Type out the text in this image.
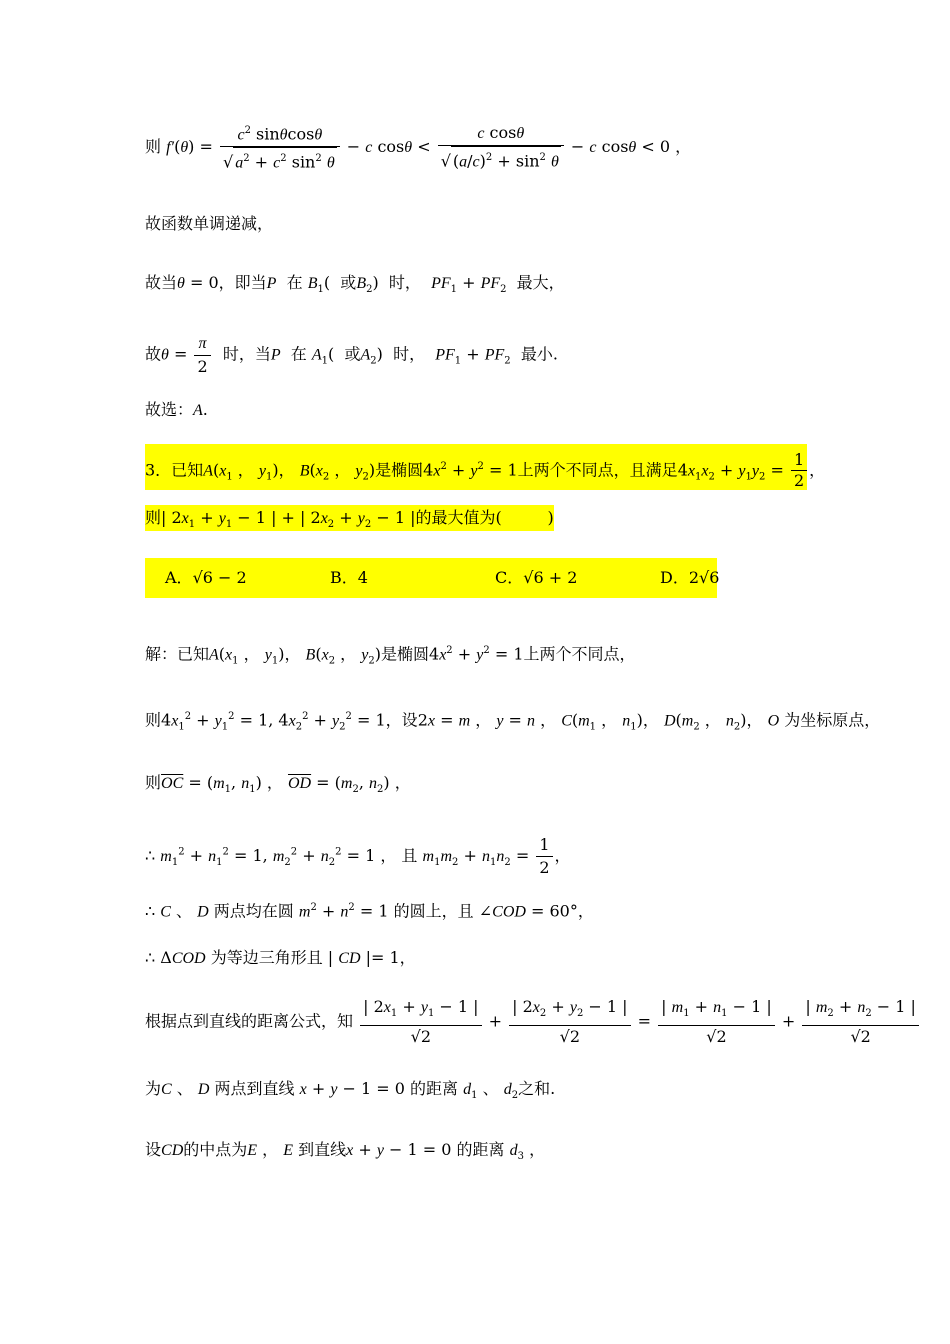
则 $f'(\theta) = \frac{c^2 \sin\theta\cos\theta}{√ a^2 + c^2 \sin^2 \theta} - c$ $\cos\theta < \frac{\text{c cosθ}}{√ (a/c)^2 + \sin^2 \theta} - c$ cosθ < 0 ，
故函数单调递减，
故当θ = 0，即当P 在 $B_1$(  或$B_2$)  时， $PF_1 + PF_2$ 最大，
故$\theta = \frac{\pi}{2}$ 时，当P 在 $A_1$(  或$A_2$)  时， $PF_1 + PF_2$ 最小.
故选：A.
3．已知$A(x_1$ ， $y_1$)， $B(x_2$ ， $y_2$)是椭圆$4x^2 + y^2 = 1$上两个不同点，且满足$4x_1x_2 + y_1y_2 = \frac{1}{2}$ ，
则| $2x_1 + y_1 - 1$ | + | $2x_2 + y_2 - 1$ |的最大值为(         )
A．√6 − 2	B．4	C．√6 + 2	D．2√6
解：已知$A(x_1$ ， $y_1$)， $B(x_2$ ， $y_2$)是椭圆$4x^2 + y^2 = 1$上两个不同点，
则$4x_1^2 + y_1^2 = 1$, $4x_2^2 + y_2^2 = 1$，设2x = m ， y = n ， $C(m_1$ ， $n_1$)， $D(m_2$ ， $n_2$)， O 为坐标原点，
则$\overline{OC} = (m_1$, $n_1$) ， $\overline{OD} = (m_2$, $n_2$) ，
∴ $m_1^2 + n_1^2 = 1$, $m_2^2 + n_2^2 = 1$ ， 且 $m_1m_2 + n_1n_2 = \frac{1}{2}$ ，
∴ C 、 D 两点均在圆 $m^2 + n^2 = 1$ 的圆上，且 ∠COD = 60°，
∴ ΔCOD 为等边三角形且 | CD |= 1，
根据点到直线的距离公式，知 $\frac{| 2x_1 + y_1 - 1 |}{√2} + \frac{| 2x_2 + y_2 - 1 |}{√2} = \frac{| m_1 + n_1 - 1 |}{√2} + \frac{| m_2 + n_2 - 1 |}{√2}$
为C 、 D 两点到直线 x + y − 1 = 0 的距离 $d_1$ 、 $d_2$之和.
设CD的中点为E ， E 到直线x + y − 1 = 0 的距离 $d_3$ ，
